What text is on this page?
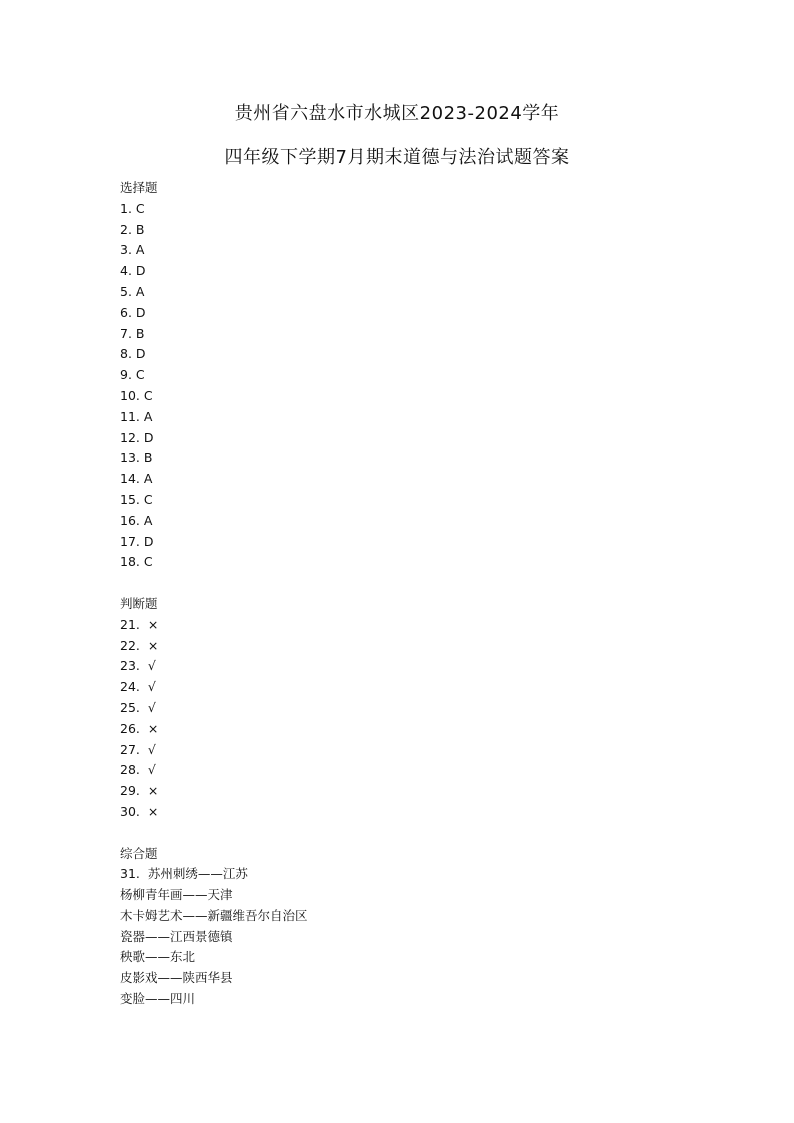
贵州省六盘水市水城区2023-2024学年
四年级下学期7月期末道德与法治试题答案
选择题
1. C
2. B
3. A
4. D
5. A
6. D
7. B
8. D
9. C
10. C
11. A
12. D
13. B
14. A
15. C
16. A
17. D
18. C
判断题
21. ×
22. ×
23. √
24. √
25. √
26. ×
27. √
28. √
29. ×
30. ×
综合题
31.  苏州刺绣——江苏
杨柳青年画——天津
木卡姆艺术——新疆维吾尔自治区
瓷器——江西景德镇
秧歌——东北
皮影戏——陕西华县
变脸——四川
